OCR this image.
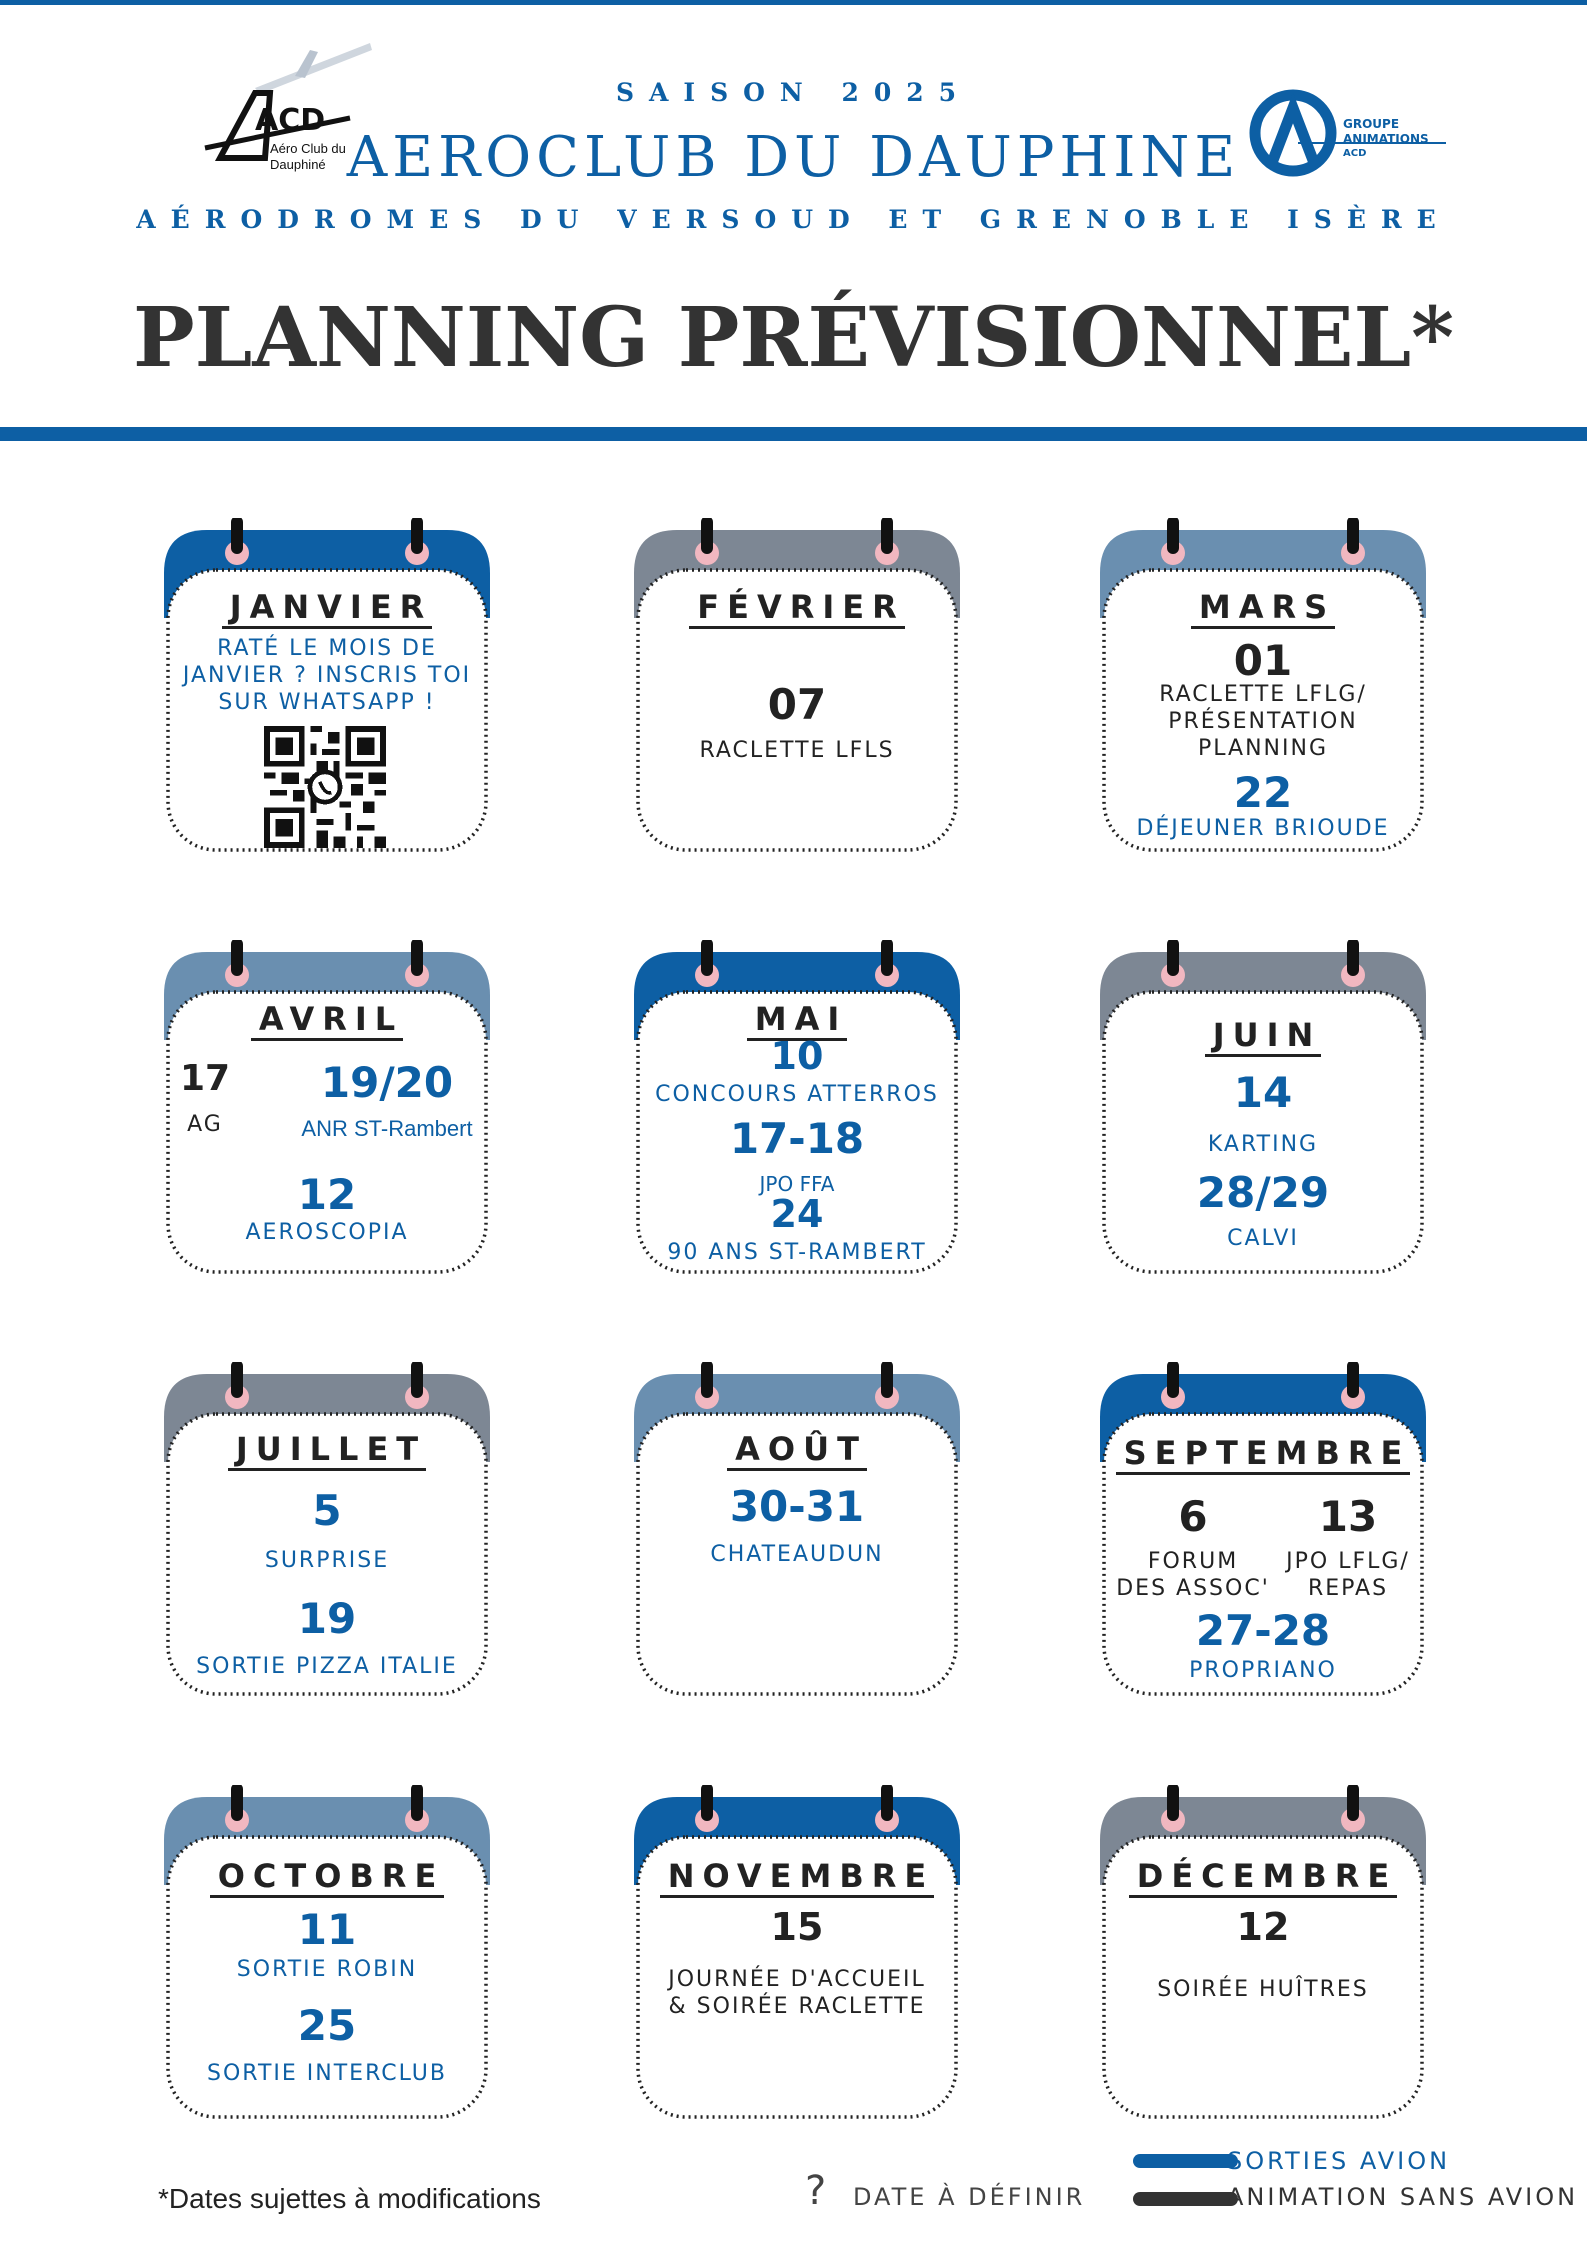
ACD
Aéro Club du
Dauphiné
SAISON 2025
AEROCLUB DU DAUPHINE
AÉRODROMES DU VERSOUD ET GRENOBLE ISÈRE
GROUPE
ANIMATIONS
ACD
PLANNING PRÉVISIONNEL*
JANVIER
RATÉ LE MOIS DE
JANVIER ? INSCRIS TOI
SUR WHATSAPP !
FÉVRIER
07
RACLETTE LFLS
MARS
01
RACLETTE LFLG/
PRÉSENTATION
PLANNING
22
DÉJEUNER BRIOUDE
AVRIL
17
AG
19/20
ANR ST-Rambert
12
AEROSCOPIA
MAI
10
CONCOURS ATTERROS
17-18
JPO FFA
24
90 ANS ST-RAMBERT
JUIN
14
KARTING
28/29
CALVI
JUILLET
5
SURPRISE
19
SORTIE PIZZA ITALIE
AOÛT
30-31
CHATEAUDUN
SEPTEMBRE
6
FORUM
DES ASSOC'
13
JPO LFLG/
REPAS
27-28
PROPRIANO
OCTOBRE
11
SORTIE ROBIN
25
SORTIE INTERCLUB
NOVEMBRE
15
JOURNÉE D'ACCUEIL
& SOIRÉE RACLETTE
DÉCEMBRE
12
SOIRÉE HUÎTRES
*Dates sujettes à modifications	? DATE À DÉFINIR
SORTIES AVION
ANIMATION SANS AVION
